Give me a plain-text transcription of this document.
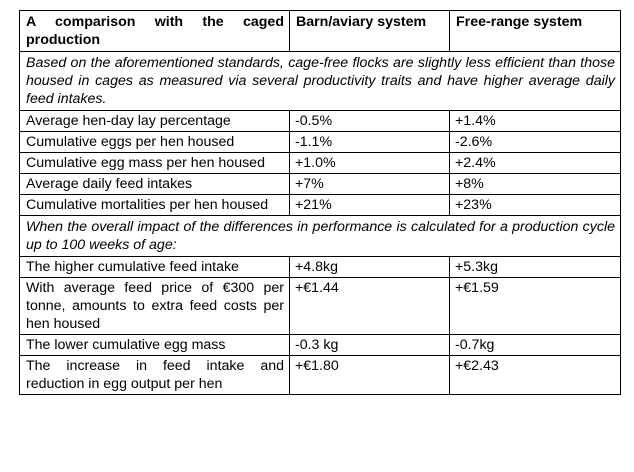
A comparison with the caged production	Barn/aviary system	Free-range system
Based on the aforementioned standards, cage-free flocks are slightly less efficient than those housed in cages as measured via several productivity traits and have higher average daily feed intakes.		
Average hen-day lay percentage	-0.5%	+1.4%
Cumulative eggs per hen housed	-1.1%	-2.6%
Cumulative egg mass per hen housed	+1.0%	+2.4%
Average daily feed intakes	+7%	+8%
Cumulative mortalities per hen housed	+21%	+23%
When the overall impact of the differences in performance is calculated for a production cycle up to 100 weeks of age:		
The higher cumulative feed intake	+4.8kg	+5.3kg
With average feed price of €300 per tonne, amounts to extra feed costs per hen housed	+€1.44	+€1.59
The lower cumulative egg mass	-0.3 kg	-0.7kg
The increase in feed intake and reduction in egg output per hen	+€1.80	+€2.43
